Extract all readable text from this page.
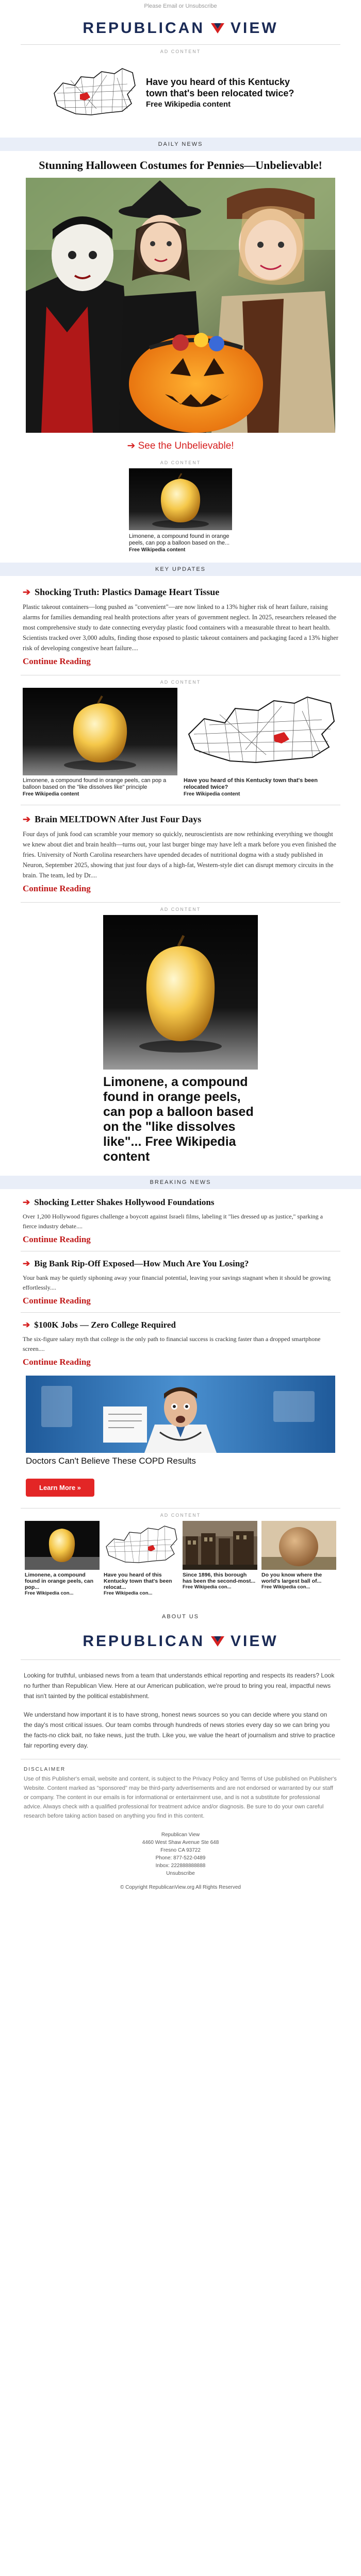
Please Email or Unsubscribe
REPUBLICAN VIEW
AD CONTENT
Have you heard of this Kentucky town that's been relocated twice?
Free Wikipedia content
DAILY NEWS
Stunning Halloween Costumes for Pennies—Unbelievable!
➔ See the Unbelievable!
AD CONTENT
Limonene, a compound found in orange peels, can pop a balloon based on the...
Free Wikipedia content
KEY UPDATES
➔ Shocking Truth: Plastics Damage Heart Tissue

Plastic takeout containers—long pushed as "convenient"—are now linked to a 13% higher risk of heart failure, raising alarms for families demanding real health protections after years of government neglect. In 2025, researchers released the most comprehensive study to date connecting everyday plastic food containers with a measurable threat to heart health. Scientists tracked over 3,000 adults, finding those exposed to plastic takeout containers and packaging faced a 13% higher risk of developing congestive heart failure....

Continue Reading
AD CONTENT
Limonene, a compound found in orange peels, can pop a balloon based on the "like dissolves like" principle
Free Wikipedia content
Have you heard of this Kentucky town that's been relocated twice?
Free Wikipedia content
➔ Brain MELTDOWN After Just Four Days

Four days of junk food can scramble your memory so quickly, neuroscientists are now rethinking everything we thought we knew about diet and brain health—turns out, your last burger binge may have left a mark before you even finished the fries. University of North Carolina researchers have upended decades of nutritional dogma with a study published in Neuron, September 2025, showing that just four days of a high-fat, Western-style diet can disrupt memory circuits in the brain. The team, led by Dr....

Continue Reading
AD CONTENT
Limonene, a compound found in orange peels, can pop a balloon based on the "like dissolves like"... Free Wikipedia content
BREAKING NEWS
➔ Shocking Letter Shakes Hollywood Foundations

Over 1,200 Hollywood figures challenge a boycott against Israeli films, labeling it "lies dressed up as justice," sparking a fierce industry debate....

Continue Reading
➔ Big Bank Rip-Off Exposed—How Much Are You Losing?

Your bank may be quietly siphoning away your financial potential, leaving your savings stagnant when it should be growing effortlessly....

Continue Reading
➔ $100K Jobs — Zero College Required

The six-figure salary myth that college is the only path to financial success is cracking faster than a dropped smartphone screen....

Continue Reading
Doctors Can't Believe These COPD Results
Learn More »
AD CONTENT
Limonene, a compound found in orange peels, can pop...
Free Wikipedia con...
Have you heard of this Kentucky town that's been relocat...
Free Wikipedia con...
Since 1896, this borough has been the second-most...
Free Wikipedia con...
Do you know where the world's largest ball of...
Free Wikipedia con...
ABOUT US
REPUBLICAN VIEW

Looking for truthful, unbiased news from a team that understands ethical reporting and respects its readers? Look no further than Republican View. Here at our American publication, we're proud to bring you real, impactful news that isn't tainted by the political establishment.

We understand how important it is to have strong, honest news sources so you can decide where you stand on the day's most critical issues. Our team combs through hundreds of news stories every day so we can bring you the facts-no click bait, no fake news, just the truth. Like you, we value the heart of journalism and strive to practice fair reporting every day.

DISCLAIMER
Use of this Publisher's email, website and content, is subject to the Privacy Policy and Terms of Use published on Publisher's Website. Content marked as "sponsored" may be third-party advertisements and are not endorsed or warranted by our staff or company. The content in our emails is for informational or entertainment use, and is not a substitute for professional advice. Always check with a qualified professional for treatment advice and/or diagnosis. Be sure to do your own careful research before taking action based on anything you find in this content.
Republican View
4460 West Shaw Avenue Ste 648
Fresno CA 93722
Phone: 877-522-0489
Inbox: 222888888888
Unsubscribe
© Copyright RepublicanView.org All Rights Reserved
